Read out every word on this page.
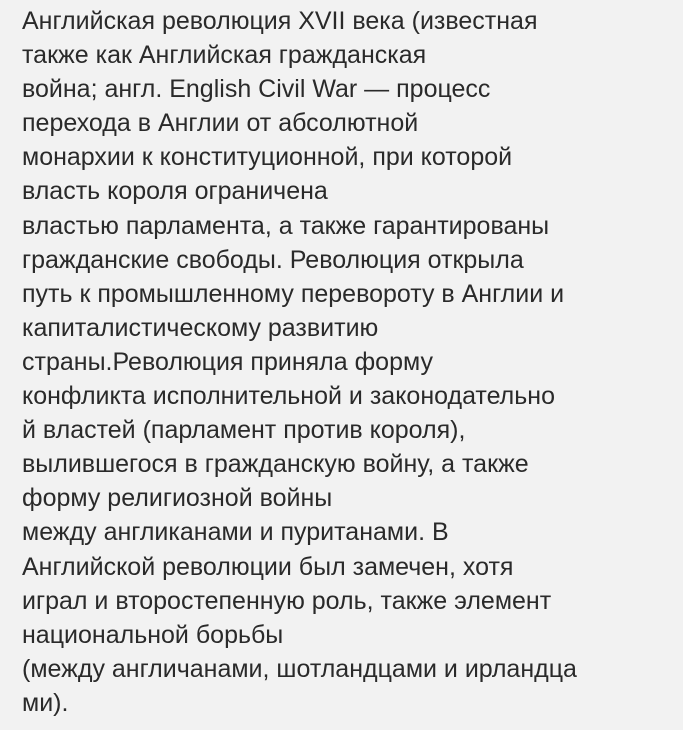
Английская революция XVII века (известная
также как Английская гражданская
война; англ. English Civil War — процесс
перехода в Англии от абсолютной
монархии к конституционной, при которой
власть короля ограничена
властью парламента, а также гарантированы
гражданские свободы. Революция открыла
путь к промышленному перевороту в Англии и
капиталистическому развитию
страны.Революция приняла форму
конфликта исполнительной и законодательно
й властей (парламент против короля),
вылившегося в гражданскую войну, а также
форму религиозной войны
между англиканами и пуританами. В
Английской революции был замечен, хотя
играл и второстепенную роль, также элемент
национальной борьбы
(между англичанами, шотландцами и ирландца
ми).
